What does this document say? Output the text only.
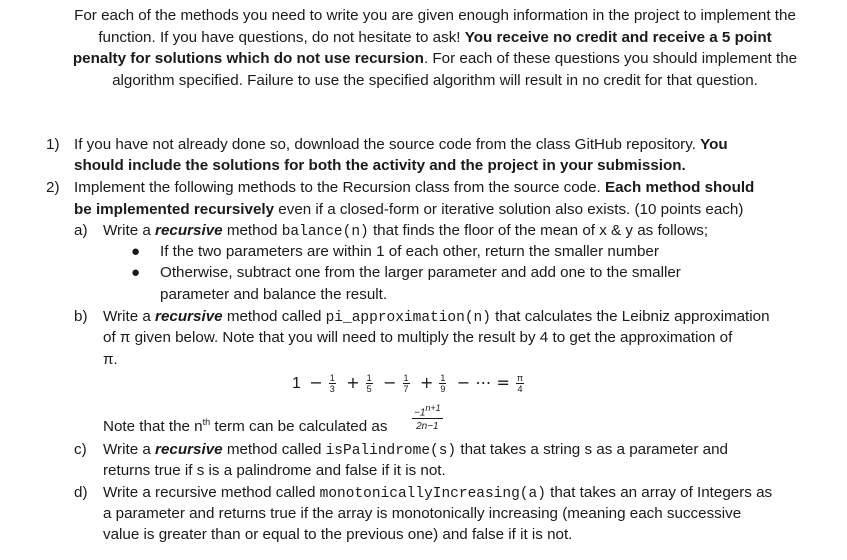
For each of the methods you need to write you are given enough information in the project to implement the function. If you have questions, do not hesitate to ask! You receive no credit and receive a 5 point penalty for solutions which do not use recursion. For each of these questions you should implement the algorithm specified. Failure to use the specified algorithm will result in no credit for that question.
1) If you have not already done so, download the source code from the class GitHub repository. You
should include the solutions for both the activity and the project in your submission.
2) Implement the following methods to the Recursion class from the source code. Each method should
be implemented recursively even if a closed-form or iterative solution also exists. (10 points each)
a) Write a recursive method balance(n) that finds the floor of the mean of x & y as follows;
● If the two parameters are within 1 of each other, return the smaller number
● Otherwise, subtract one from the larger parameter and add one to the smaller
parameter and balance the result.
b) Write a recursive method called pi_approximation(n) that calculates the Leibniz approximation
of π given below. Note that you will need to multiply the result by 4 to get the approximation of
π.
$1 - \frac{1}{3} + \frac{1}{5} - \frac{1}{7} + \frac{1}{9}$ − ⋯ = $\frac{\pi}{4}$
Note that the $n^{th}$ term can be calculated as $\frac{-1^{n+1}}{2n-1}$
c) Write a recursive method called isPalindrome(s) that takes a string s as a parameter and
returns true if s is a palindrome and false if it is not.
d) Write a recursive method called monotonicallyIncreasing(a) that takes an array of Integers as
a parameter and returns true if the array is monotonically increasing (meaning each successive
value is greater than or equal to the previous one) and false if it is not.
